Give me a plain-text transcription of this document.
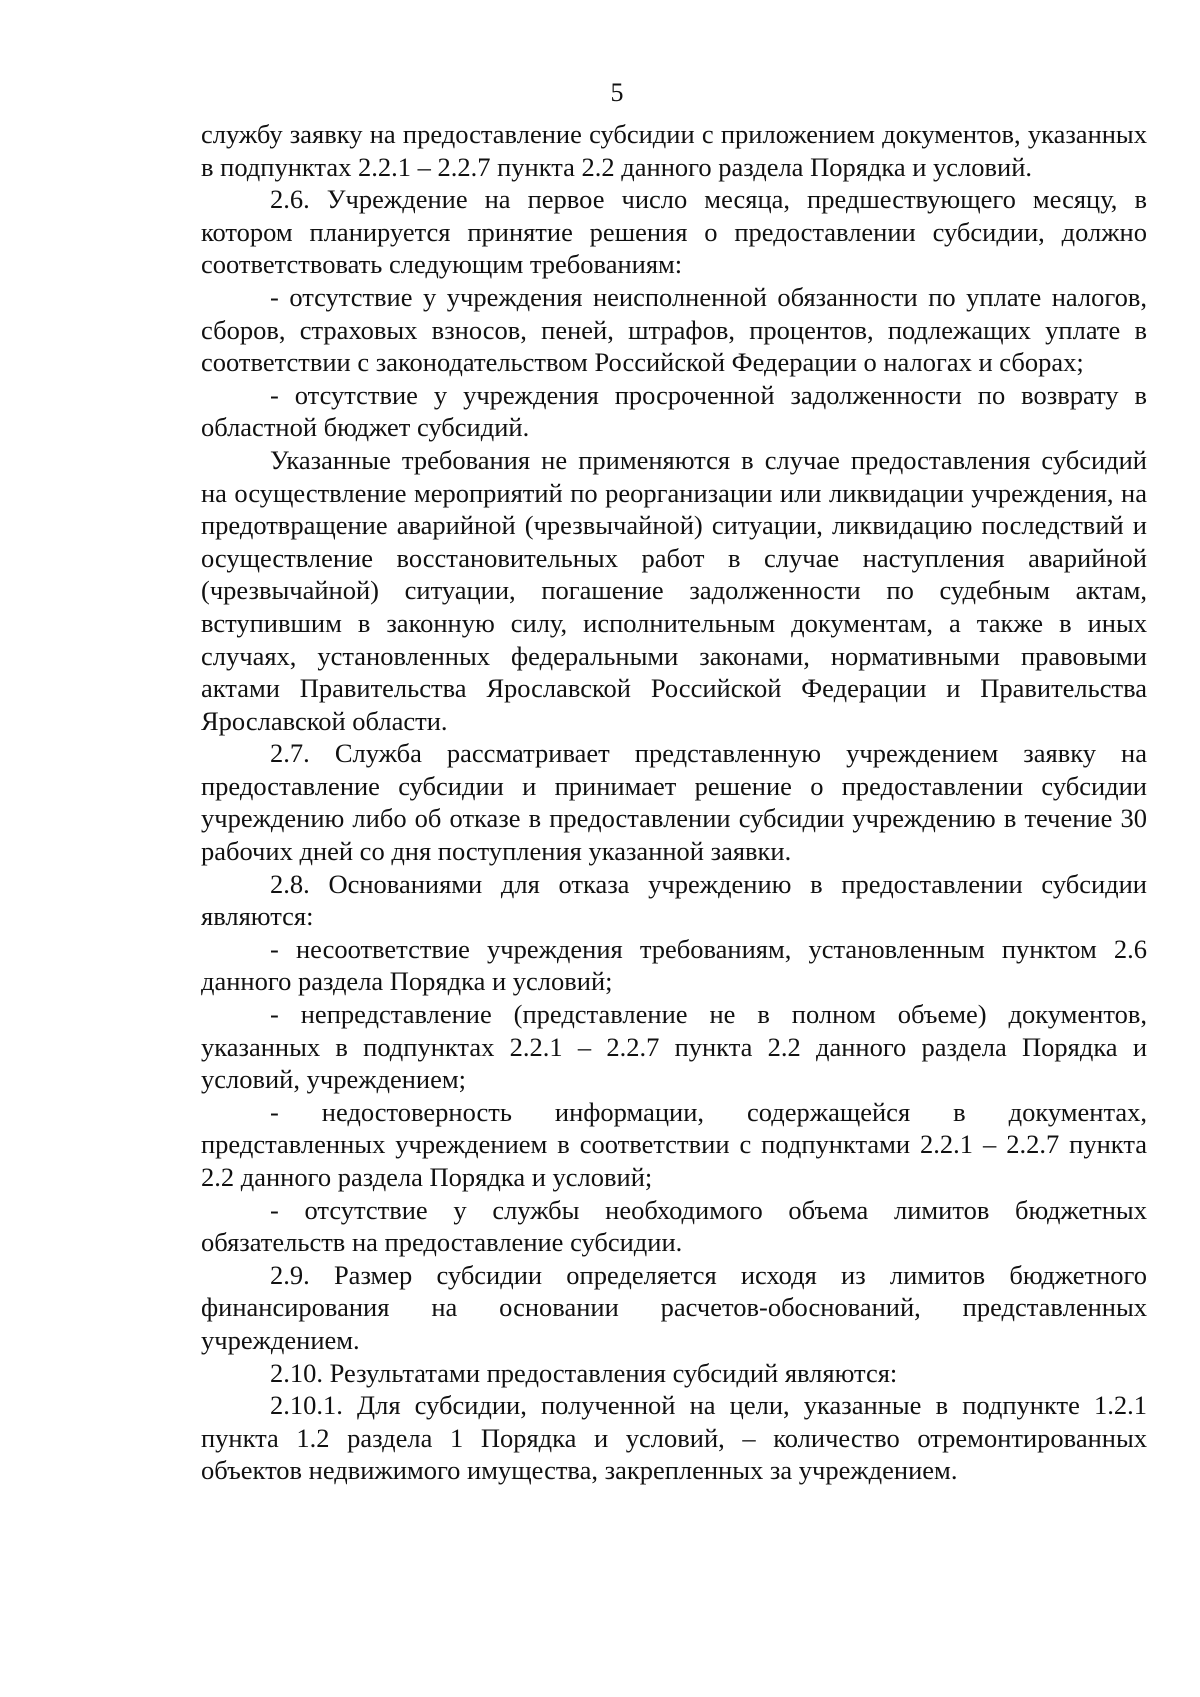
5

службу заявку на предоставление субсидии с приложением документов, указанных в подпунктах 2.2.1 – 2.2.7 пункта 2.2 данного раздела Порядка и условий.

2.6. Учреждение на первое число месяца, предшествующего месяцу, в котором планируется принятие решения о предоставлении субсидии, должно соответствовать следующим требованиям:

- отсутствие у учреждения неисполненной обязанности по уплате налогов, сборов, страховых взносов, пеней, штрафов, процентов, подлежащих уплате в соответствии с законодательством Российской Федерации о налогах и сборах;

- отсутствие у учреждения просроченной задолженности по возврату в областной бюджет субсидий.

Указанные требования не применяются в случае предоставления субсидий на осуществление мероприятий по реорганизации или ликвидации учреждения, на предотвращение аварийной (чрезвычайной) ситуации, ликвидацию последствий и осуществление восстановительных работ в случае наступления аварийной (чрезвычайной) ситуации, погашение задолженности по судебным актам, вступившим в законную силу, исполнительным документам, а также в иных случаях, установленных федеральными законами, нормативными правовыми актами Правительства Ярославской Российской Федерации и Правительства Ярославской области.

2.7. Служба рассматривает представленную учреждением заявку на предоставление субсидии и принимает решение о предоставлении субсидии учреждению либо об отказе в предоставлении субсидии учреждению в течение 30 рабочих дней со дня поступления указанной заявки.

2.8. Основаниями для отказа учреждению в предоставлении субсидии являются:

- несоответствие учреждения требованиям, установленным пунктом 2.6 данного раздела Порядка и условий;

- непредставление (представление не в полном объеме) документов, указанных в подпунктах 2.2.1 – 2.2.7 пункта 2.2 данного раздела Порядка и условий, учреждением;

- недостоверность информации, содержащейся в документах, представленных учреждением в соответствии с подпунктами 2.2.1 – 2.2.7 пункта 2.2 данного раздела Порядка и условий;

- отсутствие у службы необходимого объема лимитов бюджетных обязательств на предоставление субсидии.

2.9. Размер субсидии определяется исходя из лимитов бюджетного финансирования на основании расчетов-обоснований, представленных учреждением.

2.10. Результатами предоставления субсидий являются:

2.10.1. Для субсидии, полученной на цели, указанные в подпункте 1.2.1 пункта 1.2 раздела 1 Порядка и условий, – количество отремонтированных объектов недвижимого имущества, закрепленных за учреждением.
